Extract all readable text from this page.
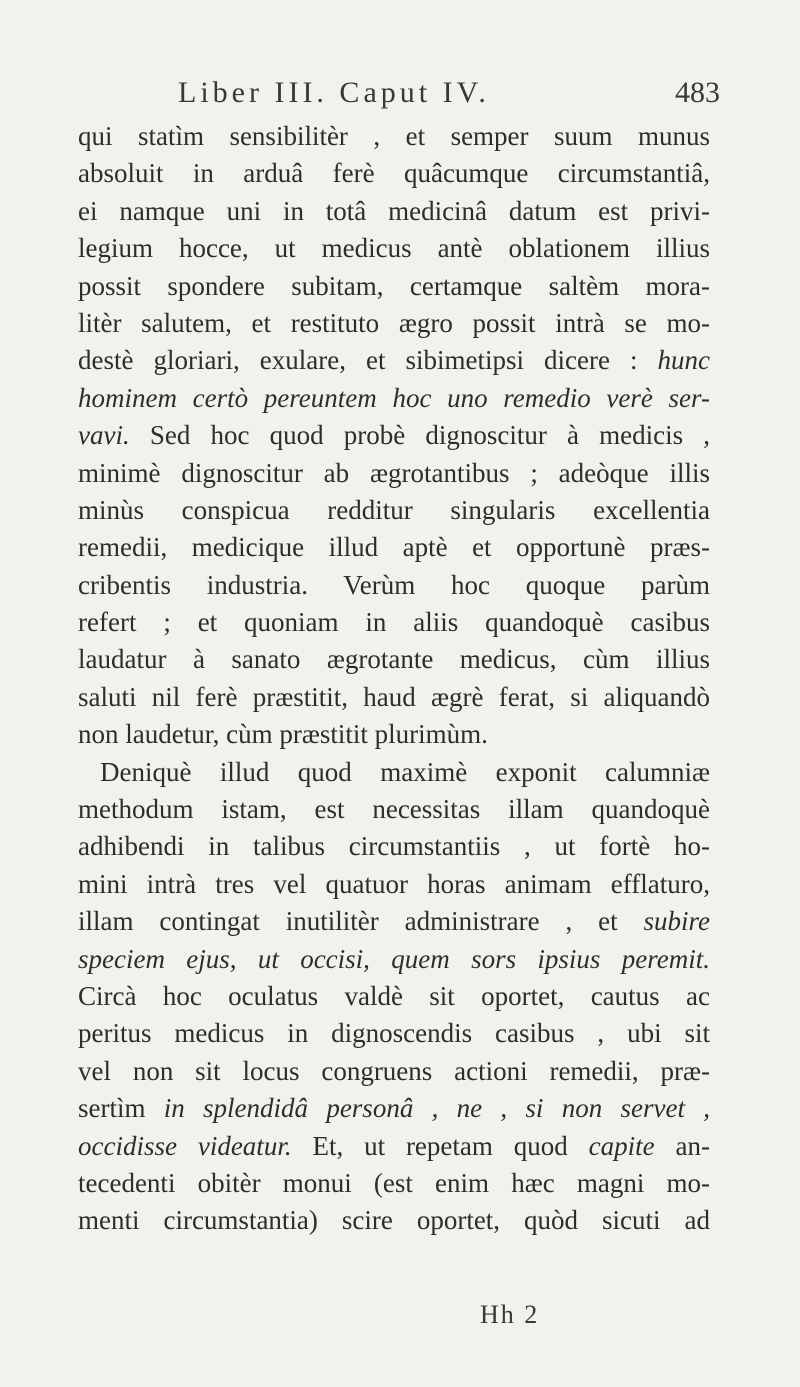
Liber III. Caput IV.	483
qui statìm sensibilitèr , et semper suum munus
absoluit in arduâ ferè quâcumque circumstantiâ,
ei namque uni in totâ medicinâ datum est privi-
legium hocce, ut medicus antè oblationem illius
possit spondere subitam, certamque saltèm mora-
litèr salutem, et restituto ægro possit intrà se mo-
destè gloriari, exulare, et sibimetipsi dicere : hunc
hominem certò pereuntem hoc uno remedio verè ser-
vavi. Sed hoc quod probè dignoscitur à medicis ,
minimè dignoscitur ab ægrotantibus ; adeòque illis
minùs conspicua redditur singularis excellentia
remedii, medicique illud aptè et opportunè præs-
cribentis industria. Verùm hoc quoque parùm
refert ; et quoniam in aliis quandoquè casibus
laudatur à sanato ægrotante medicus, cùm illius
saluti nil ferè præstitit, haud ægrè ferat, si aliquandò
non laudetur, cùm præstitit plurimùm.
Deniquè illud quod maximè exponit calumniæ
methodum istam, est necessitas illam quandoquè
adhibendi in talibus circumstantiis , ut fortè ho-
mini intrà tres vel quatuor horas animam efflaturo,
illam contingat inutilitèr administrare , et subire
speciem ejus, ut occisi, quem sors ipsius peremit.
Circà hoc oculatus valdè sit oportet, cautus ac
peritus medicus in dignoscendis casibus , ubi sit
vel non sit locus congruens actioni remedii, præ-
sertìm in splendidâ personâ , ne , si non servet ,
occidisse videatur. Et, ut repetam quod capite an-
tecedenti obitèr monui (est enim hæc magni mo-
menti circumstantia) scire oportet, quòd sicuti ad
Hh 2
